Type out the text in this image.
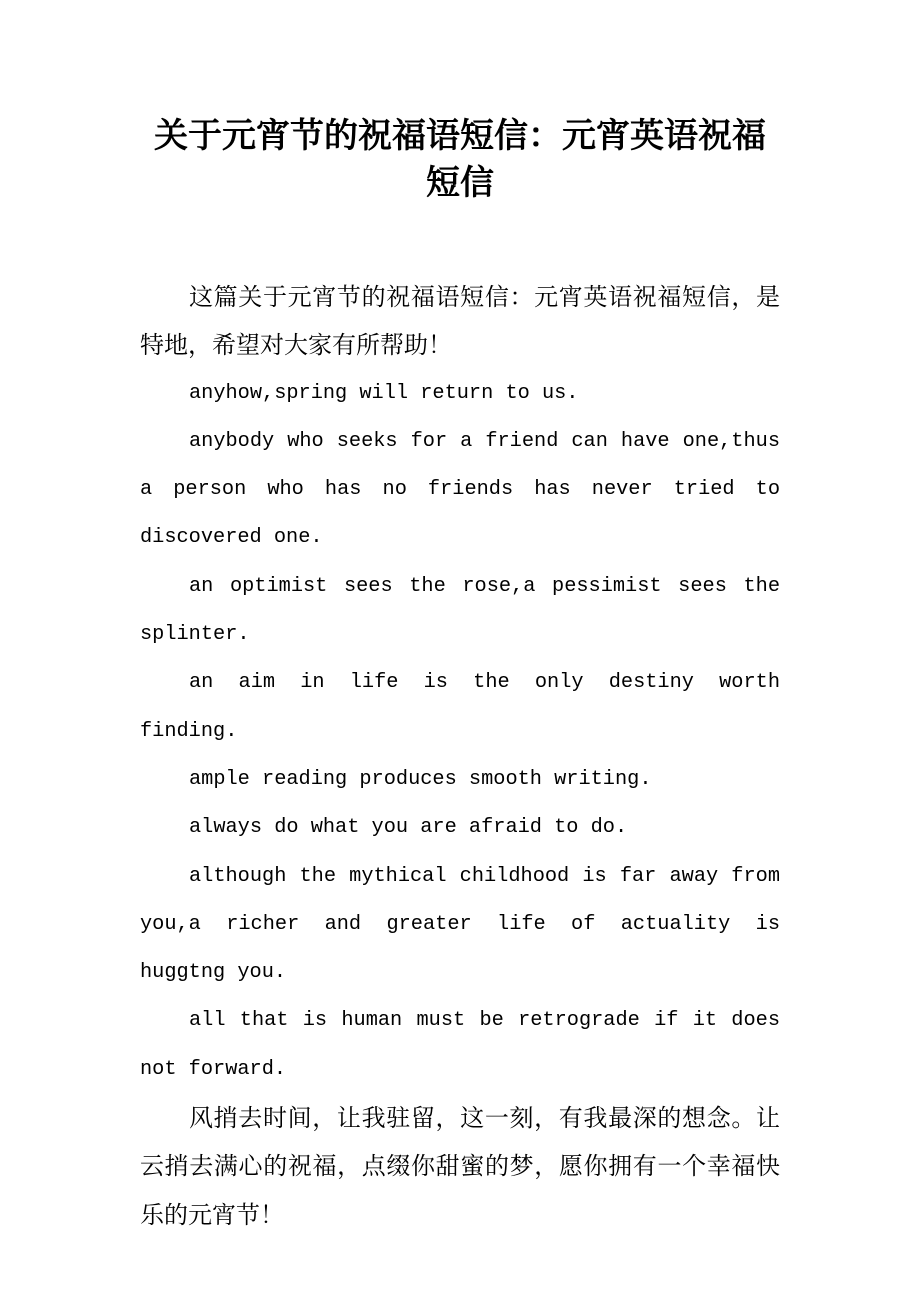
关于元宵节的祝福语短信：元宵英语祝福短信

这篇关于元宵节的祝福语短信：元宵英语祝福短信，是特地，希望对大家有所帮助！

anyhow,spring will return to us.

anybody who seeks for a friend can have one,thus a person who has no friends has never tried to discovered one.

an optimist sees the rose,a pessimist sees the splinter.

an aim in life is the only destiny worth finding.

ample reading produces smooth writing.

always do what you are afraid to do.

although the mythical childhood is far away from you,a richer and greater life of actuality is huggtng you.

all that is human must be retrograde if it does not forward.

风捎去时间，让我驻留，这一刻，有我最深的想念。让云捎去满心的祝福，点缀你甜蜜的梦，愿你拥有一个幸福快乐的元宵节！
